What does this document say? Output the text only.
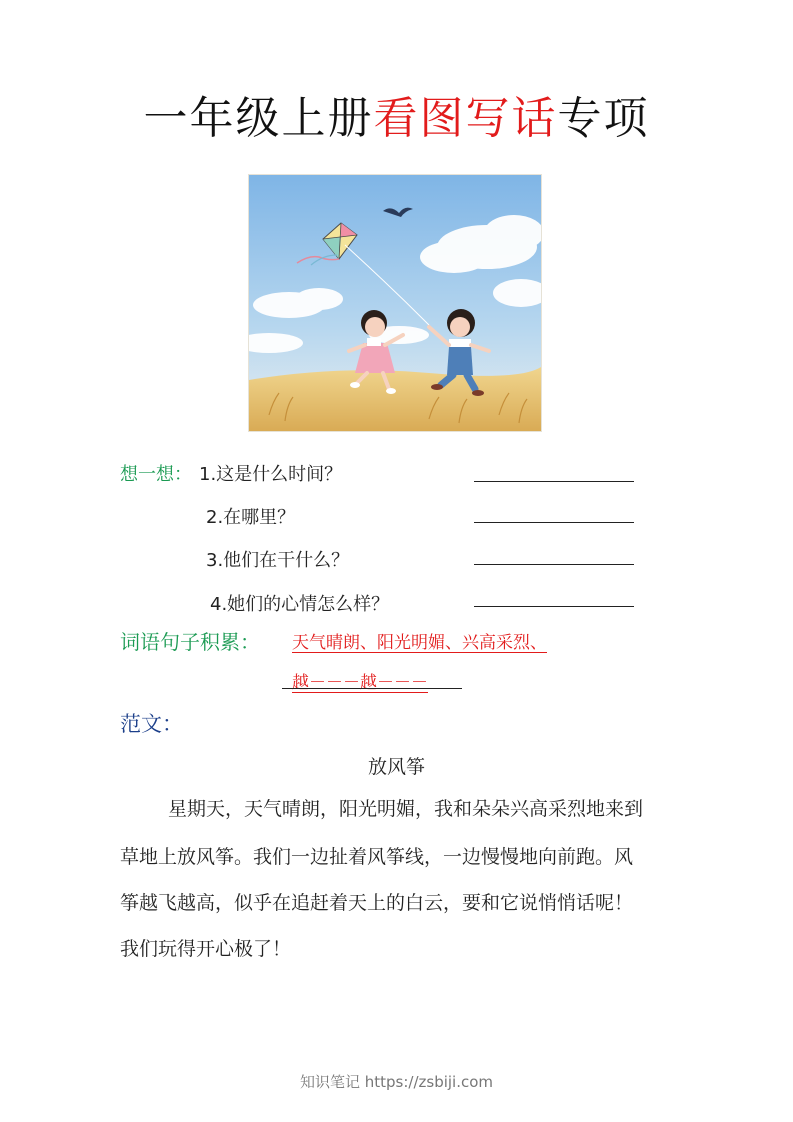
一年级上册看图写话专项
想一想： 1.这是什么时间？
2.在哪里？
3.他们在干什么？
4.她们的心情怎么样？
词语句子积累： 天气晴朗、阳光明媚、兴高采烈、
越－－－越－－－
范文：
放风筝
星期天，天气晴朗，阳光明媚，我和朵朵兴高采烈地来到
草地上放风筝。我们一边扯着风筝线，一边慢慢地向前跑。风
筝越飞越高，似乎在追赶着天上的白云，要和它说悄悄话呢！
我们玩得开心极了！
知识笔记 https://zsbiji.com
